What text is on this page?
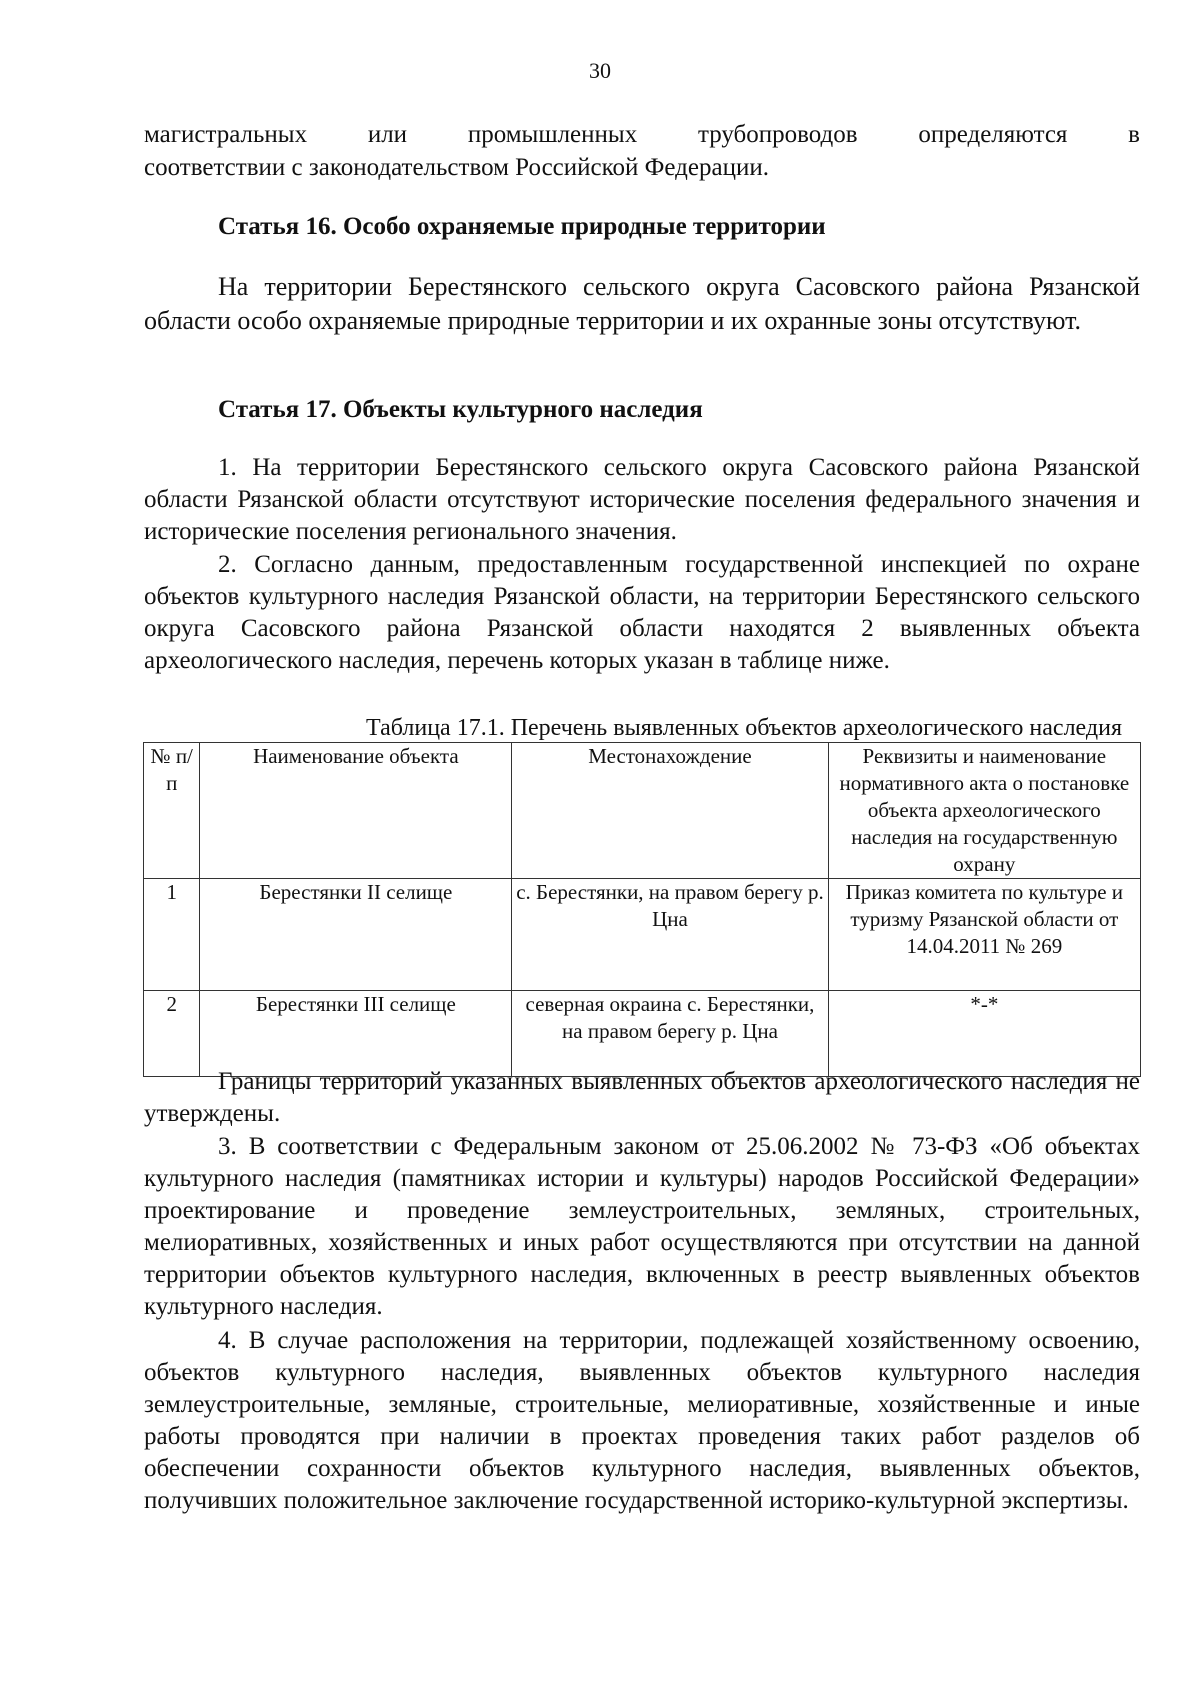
30
магистральных или промышленных трубопроводов определяются в
соответствии с законодательством Российской Федерации.
Статья 16. Особо охраняемые природные территории

На территории Берестянского сельского округа Сасовского района Рязанской области особо охраняемые природные территории и их охранные зоны отсутствуют.

Статья 17. Объекты культурного наследия

1. На территории Берестянского сельского округа Сасовского района Рязанской области Рязанской области отсутствуют исторические поселения федерального значения и исторические поселения регионального значения.

2. Согласно данным, предоставленным государственной инспекцией по охране объектов культурного наследия Рязанской области, на территории Берестянского сельского округа Сасовского района Рязанской области находятся 2 выявленных объекта археологического наследия, перечень которых указан в таблице ниже.

Таблица 17.1. Перечень выявленных объектов археологического наследия
№ п/п	Наименование объекта	Местонахождение	Реквизиты и наименование нормативного акта о постановке объекта археологического наследия на государственную охрану
1	Берестянки II селище	с. Берестянки, на правом берегу р. Цна	Приказ комитета по культуре и туризму Рязанской области от 14.04.2011 № 269
2	Берестянки III селище	северная окраина с. Берестянки, на правом берегу р. Цна	*-*

Границы территорий указанных выявленных объектов археологического наследия не утверждены.

3. В соответствии с Федеральным законом от 25.06.2002 № 73-ФЗ «Об объектах культурного наследия (памятниках истории и культуры) народов Российской Федерации» проектирование и проведение землеустроительных, земляных, строительных, мелиоративных, хозяйственных и иных работ осуществляются при отсутствии на данной территории объектов культурного наследия, включенных в реестр выявленных объектов культурного наследия.

4. В случае расположения на территории, подлежащей хозяйственному освоению, объектов культурного наследия, выявленных объектов культурного наследия землеустроительные, земляные, строительные, мелиоративные, хозяйственные и иные работы проводятся при наличии в проектах проведения таких работ разделов об обеспечении сохранности объектов культурного наследия, выявленных объектов, получивших положительное заключение государственной историко-культурной экспертизы.
